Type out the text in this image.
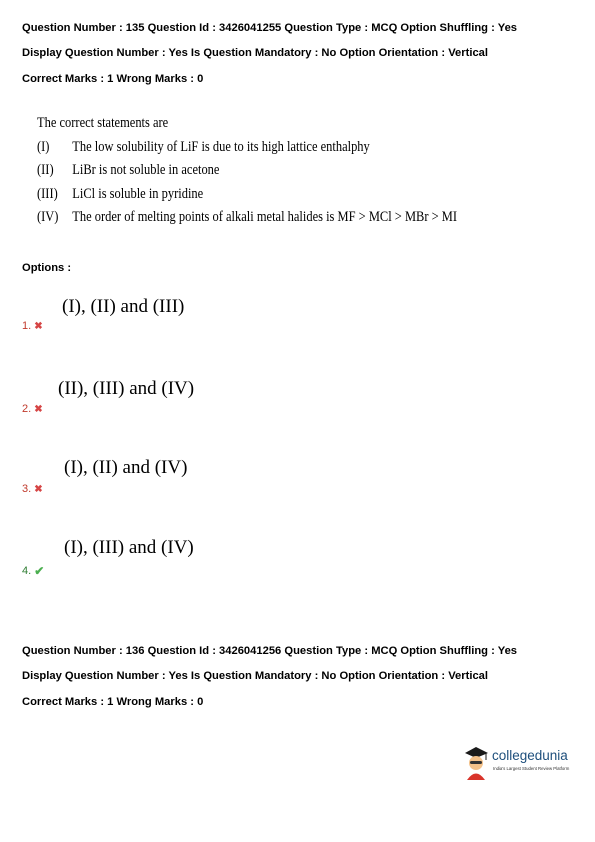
Question Number : 135 Question Id : 3426041255 Question Type : MCQ Option Shuffling : Yes
Display Question Number : Yes Is Question Mandatory : No Option Orientation : Vertical
Correct Marks : 1 Wrong Marks : 0
The correct statements are
(I)	The low solubility of LiF is due to its high lattice enthalphy
(II)	LiBr is not soluble in acetone
(III) LiCl is soluble in pyridine
(IV) The order of melting points of alkali metal halides is MF > MCl > MBr > MI
Options :
(I), (II) and (III)
1. ✖
(II), (III) and (IV)
2. ✖
(I), (II) and (IV)
3. ✖
(I), (III) and (IV)
4. ✔
Question Number : 136 Question Id : 3426041256 Question Type : MCQ Option Shuffling : Yes
Display Question Number : Yes Is Question Mandatory : No Option Orientation : Vertical
Correct Marks : 1 Wrong Marks : 0
collegedunia
India's Largest Student Review Platform
